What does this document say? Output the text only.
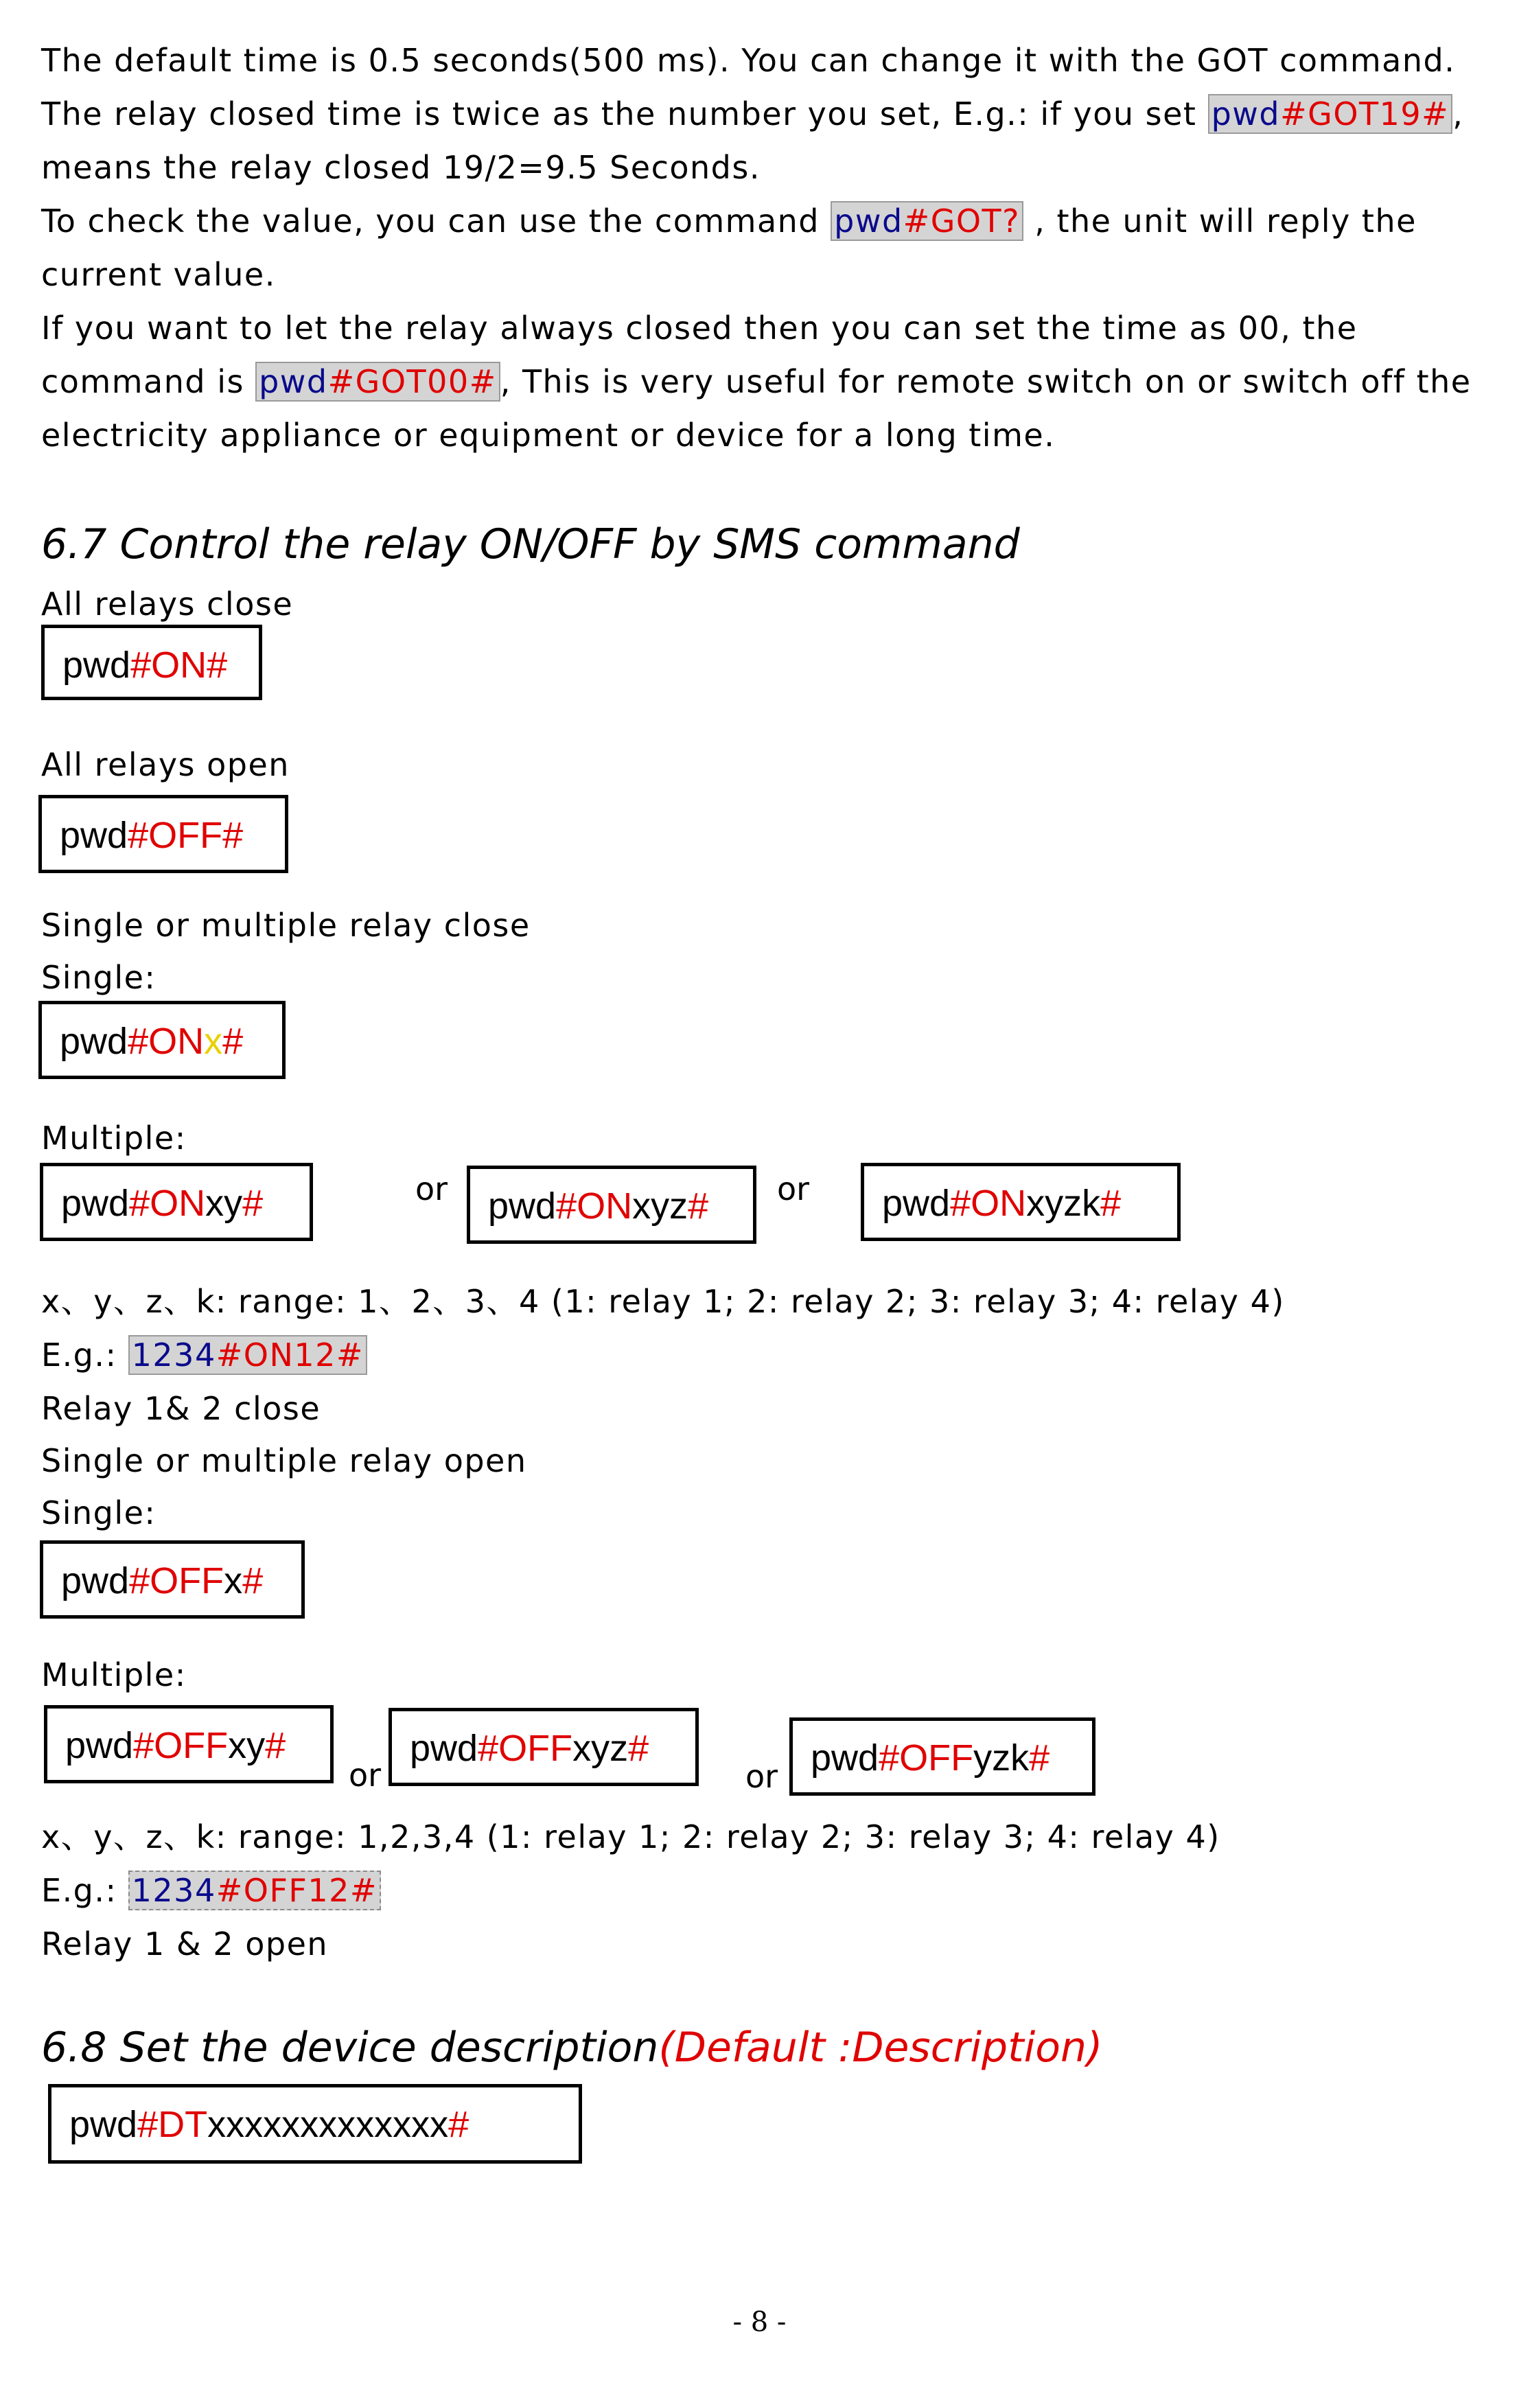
The default time is 0.5 seconds(500 ms). You can change it with the GOT command.
The relay closed time is twice as the number you set, E.g.: if you set pwd#GOT19# ,
means the relay closed 19/2=9.5 Seconds.
To check the value, you can use the command pwd#GOT? , the unit will reply the
current value.
If you want to let the relay always closed then you can set the time as 00, the
command is pwd#GOT00# , This is very useful for remote switch on or switch off the
electricity appliance or equipment or device for a long time.
6.7 Control the relay ON/OFF by SMS command
All relays close
pwd#ON#
All relays open
pwd#OFF#
Single or multiple relay close
Single:
pwd#ONx#
Multiple:
pwd#ONxy#	or	pwd#ONxyz#	or	pwd#ONxyzk#
x、y、z、k: range: 1、2、3、4 (1: relay 1; 2: relay 2; 3: relay 3; 4: relay 4)
E.g.: 1234#ON12#
Relay 1& 2 close
Single or multiple relay open
Single:
pwd#OFFx#
Multiple:
pwd#OFFxy#
or
pwd#OFFxyz#
or pwd#OFFyzk#
x、y、z、k: range: 1,2,3,4 (1: relay 1; 2: relay 2; 3: relay 3; 4: relay 4)
E.g.: 1234#OFF12#
Relay 1 & 2 open
6.8 Set the device description(Default :Description)
pwd#DTxxxxxxxxxxxxx#
- 8 -
